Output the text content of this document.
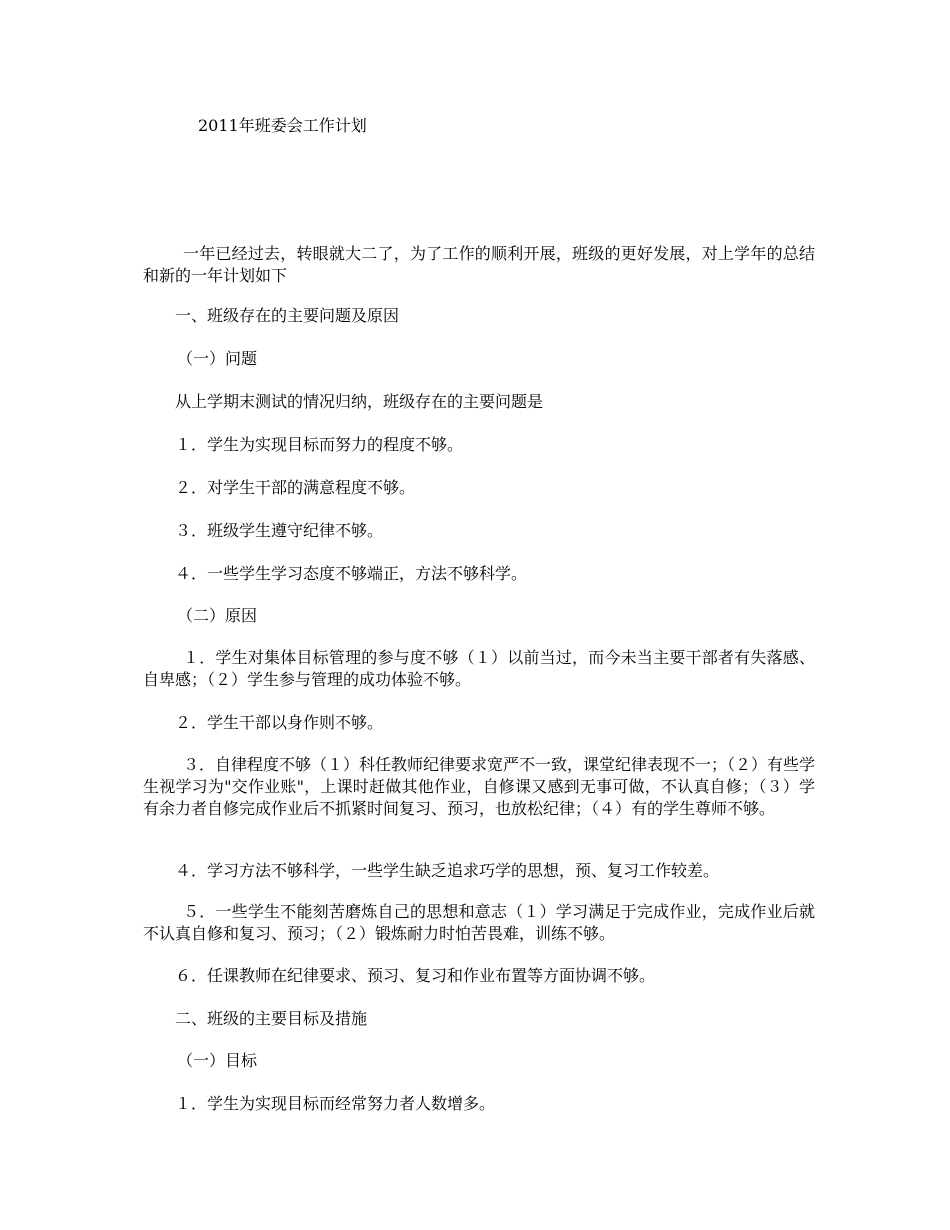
2011年班委会工作计划

一年已经过去，转眼就大二了，为了工作的顺利开展，班级的更好发展，对上学年的总结和新的一年计划如下

一、班级存在的主要问题及原因
（一）问题
从上学期末测试的情况归纳，班级存在的主要问题是
１．学生为实现目标而努力的程度不够。
２．对学生干部的满意程度不够。
３．班级学生遵守纪律不够。
４．一些学生学习态度不够端正，方法不够科学。
（二）原因

１．学生对集体目标管理的参与度不够（１）以前当过，而今未当主要干部者有失落感、自卑感；（２）学生参与管理的成功体验不够。

２．学生干部以身作则不够。

３．自律程度不够（１）科任教师纪律要求宽严不一致，课堂纪律表现不一；（２）有些学生视学习为"交作业账"，上课时赶做其他作业，自修课又感到无事可做，不认真自修；（３）学有余力者自修完成作业后不抓紧时间复习、预习，也放松纪律；（４）有的学生尊师不够。

４．学习方法不够科学，一些学生缺乏追求巧学的思想，预、复习工作较差。

５．一些学生不能刻苦磨炼自己的思想和意志（１）学习满足于完成作业，完成作业后就不认真自修和复习、预习；（２）锻炼耐力时怕苦畏难，训练不够。

６．任课教师在纪律要求、预习、复习和作业布置等方面协调不够。
二、班级的主要目标及措施
（一）目标
１．学生为实现目标而经常努力者人数增多。
